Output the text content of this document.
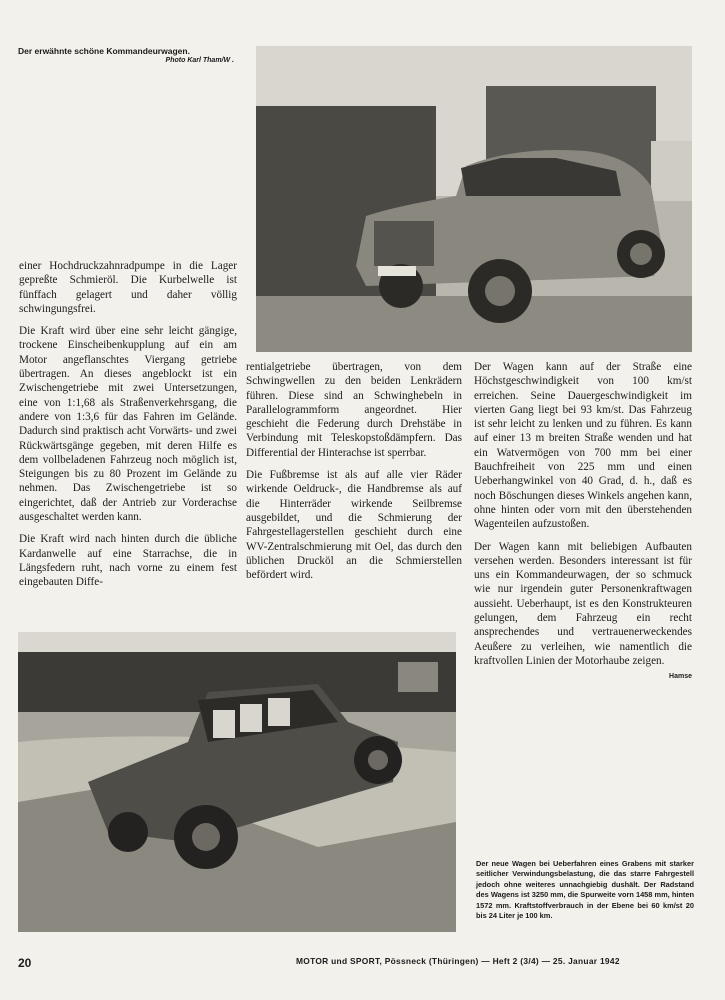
Der erwähnte schöne Kommandeurwagen.
Photo Karl Tham/W .

einer Hochdruckzahnradpumpe in die Lager gepreßte Schmieröl. Die Kurbelwelle ist fünffach gelagert und daher völlig schwingungsfrei.

Die Kraft wird über eine sehr leicht gängige, trockene Einscheibenkupplung auf ein am Motor angeflanschtes Viergang getriebe übertragen. An dieses angeblockt ist ein Zwischengetriebe mit zwei Untersetzungen, eine von 1:1,68 als Straßenverkehrsgang, die andere von 1:3,6 für das Fahren im Gelände. Dadurch sind praktisch acht Vorwärts- und zwei Rückwärtsgänge gegeben, mit deren Hilfe es dem vollbeladenen Fahrzeug noch möglich ist, Steigungen bis zu 80 Prozent im Gelände zu nehmen. Das Zwischengetriebe ist so eingerichtet, daß der Antrieb zur Vorderachse ausgeschaltet werden kann.

Die Kraft wird nach hinten durch die übliche Kardanwelle auf eine Starrachse, die in Längsfedern ruht, nach vorne zu einem fest eingebauten Diffe-

rentialgetriebe übertragen, von dem Schwingwellen zu den beiden Lenkrädern führen. Diese sind an Schwinghebeln in Parallelogrammform angeordnet. Hier geschieht die Federung durch Drehstäbe in Verbindung mit Teleskopstoßdämpfern. Das Differential der Hinterachse ist sperrbar.

Die Fußbremse ist als auf alle vier Räder wirkende Oeldruck-, die Handbremse als auf die Hinterräder wirkende Seilbremse ausgebildet, und die Schmierung der Fahrgestellagerstellen geschieht durch eine WV-Zentralschmierung mit Oel, das durch den üblichen Drucköl an die Schmierstellen befördert wird.

Der Wagen kann auf der Straße eine Höchstgeschwindigkeit von 100 km/st erreichen. Seine Dauergeschwindigkeit im vierten Gang liegt bei 93 km/st. Das Fahrzeug ist sehr leicht zu lenken und zu führen. Es kann auf einer 13 m breiten Straße wenden und hat ein Watvermögen von 700 mm bei einer Bauchfreiheit von 225 mm und einen Ueberhangwinkel von 40 Grad, d. h., daß es noch Böschungen dieses Winkels angehen kann, ohne hinten oder vorn mit den überstehenden Wagenteilen aufzustoßen.

Der Wagen kann mit beliebigen Aufbauten versehen werden. Besonders interessant ist für uns ein Kommandeurwagen, der so schmuck wie nur irgendein guter Personenkraftwagen aussieht. Ueberhaupt, ist es den Konstrukteuren gelungen, dem Fahrzeug ein recht ansprechendes und vertrauenerweckendes Aeußere zu verleihen, wie namentlich die kraftvollen Linien der Motorhaube zeigen.

Hamse
Der neue Wagen bei Ueberfahren eines Grabens mit starker seitlicher Verwindungsbelastung, die das starre Fahrgestell jedoch ohne weiteres unnachgiebig dushält. Der Radstand des Wagens ist 3250 mm, die Spurweite vorn 1458 mm, hinten 1572 mm. Kraftstoffverbrauch in der Ebene bei 60 km/st 20 bis 24 Liter je 100 km.
20	MOTOR und SPORT, Pössneck (Thüringen) — Heft 2 (3/4) — 25. Januar 1942
